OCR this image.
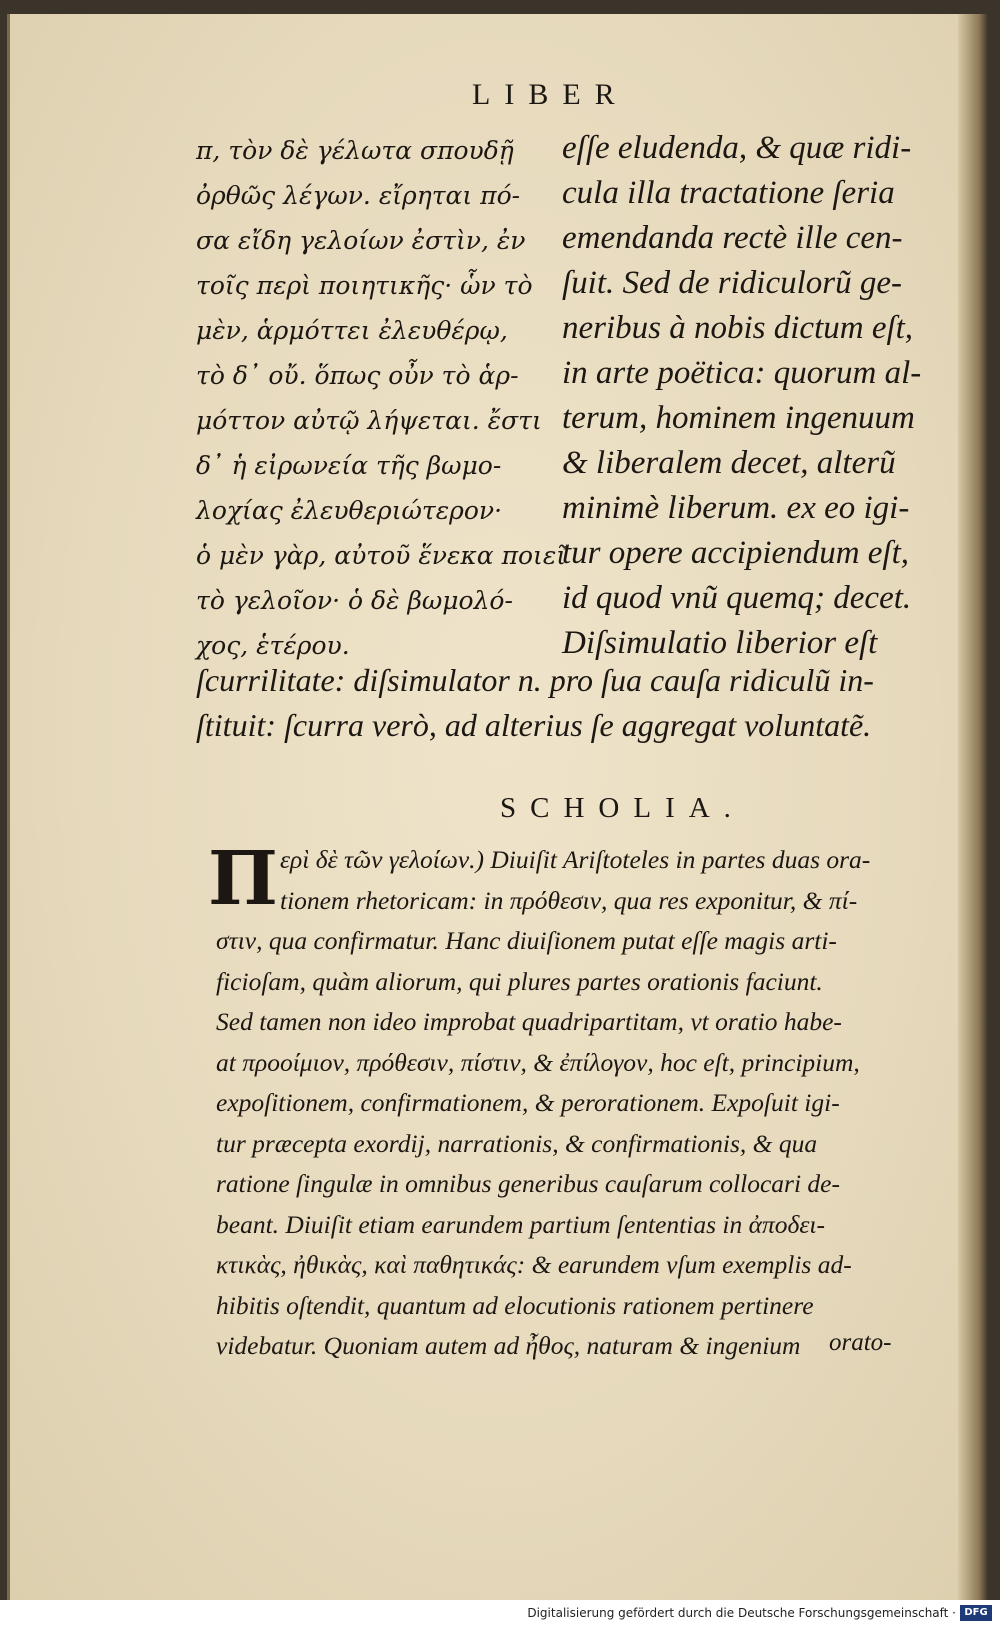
LIBER
π, τὸν δὲ γέλωτα σπουδῇ
ὀρθῶς λέγων. εἴρηται πό-
σα εἴδη γελοίων ἐστὶν, ἐν
τοῖς περὶ ποιητικῆς· ὧν τὸ
μὲν, ἁρμόττει ἐλευθέρῳ,
τὸ δ᾽ οὔ. ὅπως οὖν τὸ ἁρ-
μόττον αὐτῷ λήψεται. ἔστι
δ᾽ ἡ εἰρωνεία τῆς βωμο-
λοχίας ἐλευθεριώτερον·
ὁ μὲν γὰρ, αὐτοῦ ἕνεκα ποιεῖ
τὸ γελοῖον· ὁ δὲ βωμολό-
χος, ἑτέρου.
eſſe eludenda, & quæ ridi-
cula illa tractatione ſeria
emendanda rectè ille cen-
ſuit. Sed de ridiculorũ ge-
neribus à nobis dictum eſt,
in arte poëtica: quorum al-
terum, hominem ingenuum
& liberalem decet, alterũ
minimè liberum. ex eo igi-
tur opere accipiendum eſt,
id quod vnũ quemq; decet.
Diſsimulatio liberior eſt
ſcurrilitate: diſsimulator n. pro ſua cauſa ridiculũ in-
ſtituit: ſcurra verò, ad alterius ſe aggregat voluntatẽ.
SCHOLIA.
Π ερὶ δὲ τῶν γελοίων.) Diuiſit Ariſtoteles in partes duas ora-
tionem rhetoricam: in πρόθεσιν, qua res exponitur, & πί-
στιν, qua confirmatur. Hanc diuiſionem putat eſſe magis arti-
ficioſam, quàm aliorum, qui plures partes orationis faciunt.
Sed tamen non ideo improbat quadripartitam, vt oratio habe-
at προοίμιον, πρόθεσιν, πίστιν, & ἐπίλογον, hoc eſt, principium,
expoſitionem, confirmationem, & perorationem. Expoſuit igi-
tur præcepta exordij, narrationis, & confirmationis, & qua
ratione ſingulæ in omnibus generibus cauſarum collocari de-
beant. Diuiſit etiam earundem partium ſententias in ἀποδει-
κτικὰς, ἠθικὰς, καὶ παθητικάς: & earundem vſum exemplis ad-
hibitis oſtendit, quantum ad elocutionis rationem pertinere
videbatur. Quoniam autem ad ἦθος, naturam & ingenium	orato-
Digitalisierung gefördert durch die Deutsche Forschungsgemeinschaft · DFG
